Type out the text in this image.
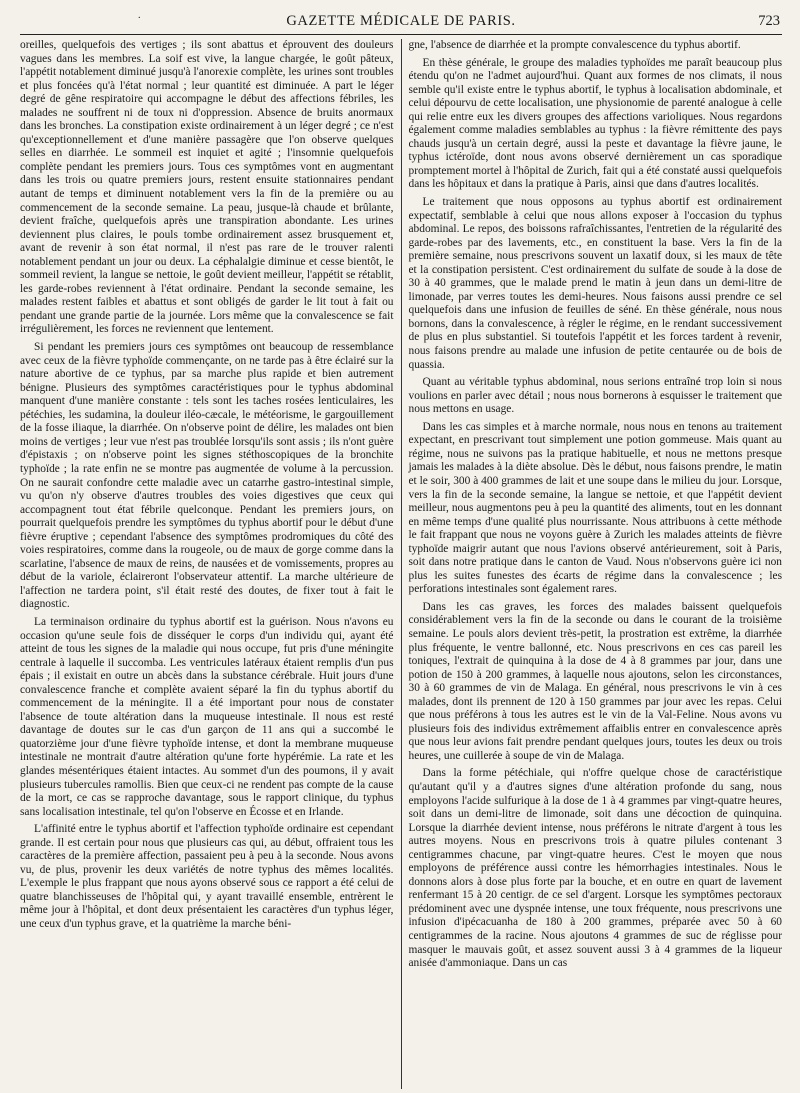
.	GAZETTE MÉDICALE DE PARIS.	723

oreilles, quelquefois des vertiges ; ils sont abattus et éprouvent des douleurs vagues dans les membres. La soif est vive, la langue chargée, le goût pâteux, l'appétit notablement diminué jusqu'à l'anorexie complète, les urines sont troubles et plus foncées qu'à l'état normal ; leur quantité est diminuée. A part le léger degré de gêne respiratoire qui accompagne le début des affections fébriles, les malades ne souffrent ni de toux ni d'oppression. Absence de bruits anormaux dans les bronches. La constipation existe ordinairement à un léger degré ; ce n'est qu'exceptionnellement et d'une manière passagère que l'on observe quelques selles en diarrhée. Le sommeil est inquiet et agité ; l'insomnie quelquefois complète pendant les premiers jours. Tous ces symptômes vont en augmentant dans les trois ou quatre premiers jours, restent ensuite stationnaires pendant autant de temps et diminuent notablement vers la fin de la première ou au commencement de la seconde semaine. La peau, jusque-là chaude et brûlante, devient fraîche, quelquefois après une transpiration abondante. Les urines deviennent plus claires, le pouls tombe ordinairement assez brusquement et, avant de revenir à son état normal, il n'est pas rare de le trouver ralenti notablement pendant un jour ou deux. La céphalalgie diminue et cesse bientôt, le sommeil revient, la langue se nettoie, le goût devient meilleur, l'appétit se rétablit, les garde-robes reviennent à l'état ordinaire. Pendant la seconde semaine, les malades restent faibles et abattus et sont obligés de garder le lit tout à fait ou pendant une grande partie de la journée. Lors même que la convalescence se fait irrégulièrement, les forces ne reviennent que lentement.

Si pendant les premiers jours ces symptômes ont beaucoup de ressemblance avec ceux de la fièvre typhoïde commençante, on ne tarde pas à être éclairé sur la nature abortive de ce typhus, par sa marche plus rapide et bien autrement bénigne. Plusieurs des symptômes caractéristiques pour le typhus abdominal manquent d'une manière constante : tels sont les taches rosées lenticulaires, les pétéchies, les sudamina, la douleur iléo-cæcale, le météorisme, le gargouillement de la fosse iliaque, la diarrhée. On n'observe point de délire, les malades ont bien moins de vertiges ; leur vue n'est pas troublée lorsqu'ils sont assis ; ils n'ont guère d'épistaxis ; on n'observe point les signes stéthoscopiques de la bronchite typhoïde ; la rate enfin ne se montre pas augmentée de volume à la percussion. On ne saurait confondre cette maladie avec un catarrhe gastro-intestinal simple, vu qu'on n'y observe d'autres troubles des voies digestives que ceux qui accompagnent tout état fébrile quelconque. Pendant les premiers jours, on pourrait quelquefois prendre les symptômes du typhus abortif pour le début d'une fièvre éruptive ; cependant l'absence des symptômes prodromiques du côté des voies respiratoires, comme dans la rougeole, ou de maux de gorge comme dans la scarlatine, l'absence de maux de reins, de nausées et de vomissements, propres au début de la variole, éclaireront l'observateur attentif. La marche ultérieure de l'affection ne tardera point, s'il était resté des doutes, de fixer tout à fait le diagnostic.

La terminaison ordinaire du typhus abortif est la guérison. Nous n'avons eu occasion qu'une seule fois de disséquer le corps d'un individu qui, ayant été atteint de tous les signes de la maladie qui nous occupe, fut pris d'une méningite centrale à laquelle il succomba. Les ventricules latéraux étaient remplis d'un pus épais ; il existait en outre un abcès dans la substance cérébrale. Huit jours d'une convalescence franche et complète avaient séparé la fin du typhus abortif du commencement de la méningite. Il a été important pour nous de constater l'absence de toute altération dans la muqueuse intestinale. Il nous est resté davantage de doutes sur le cas d'un garçon de 11 ans qui a succombé le quatorzième jour d'une fièvre typhoïde intense, et dont la membrane muqueuse intestinale ne montrait d'autre altération qu'une forte hypérémie. La rate et les glandes mésentériques étaient intactes. Au sommet d'un des poumons, il y avait plusieurs tubercules ramollis. Bien que ceux-ci ne rendent pas compte de la cause de la mort, ce cas se rapproche davantage, sous le rapport clinique, du typhus sans localisation intestinale, tel qu'on l'observe en Écosse et en Irlande.

L'affinité entre le typhus abortif et l'affection typhoïde ordinaire est cependant grande. Il est certain pour nous que plusieurs cas qui, au début, offraient tous les caractères de la première affection, passaient peu à peu à la seconde. Nous avons vu, de plus, provenir les deux variétés de notre typhus des mêmes localités. L'exemple le plus frappant que nous ayons observé sous ce rapport a été celui de quatre blanchisseuses de l'hôpital qui, y ayant travaillé ensemble, entrèrent le même jour à l'hôpital, et dont deux présentaient les caractères d'un typhus léger, une ceux d'un typhus grave, et la quatrième la marche béni-

gne, l'absence de diarrhée et la prompte convalescence du typhus abortif.

En thèse générale, le groupe des maladies typhoïdes me paraît beaucoup plus étendu qu'on ne l'admet aujourd'hui. Quant aux formes de nos climats, il nous semble qu'il existe entre le typhus abortif, le typhus à localisation abdominale, et celui dépourvu de cette localisation, une physionomie de parenté analogue à celle qui relie entre eux les divers groupes des affections varioliques. Nous regardons également comme maladies semblables au typhus : la fièvre rémittente des pays chauds jusqu'à un certain degré, aussi la peste et davantage la fièvre jaune, le typhus ictéroïde, dont nous avons observé dernièrement un cas sporadique promptement mortel à l'hôpital de Zurich, fait qui a été constaté aussi quelquefois dans les hôpitaux et dans la pratique à Paris, ainsi que dans d'autres localités.

Le traitement que nous opposons au typhus abortif est ordinairement expectatif, semblable à celui que nous allons exposer à l'occasion du typhus abdominal. Le repos, des boissons rafraîchissantes, l'entretien de la régularité des garde-robes par des lavements, etc., en constituent la base. Vers la fin de la première semaine, nous prescrivons souvent un laxatif doux, si les maux de tête et la constipation persistent. C'est ordinairement du sulfate de soude à la dose de 30 à 40 grammes, que le malade prend le matin à jeun dans un demi-litre de limonade, par verres toutes les demi-heures. Nous faisons aussi prendre ce sel quelquefois dans une infusion de feuilles de séné. En thèse générale, nous nous bornons, dans la convalescence, à régler le régime, en le rendant successivement de plus en plus substantiel. Si toutefois l'appétit et les forces tardent à revenir, nous faisons prendre au malade une infusion de petite centaurée ou de bois de quassia.

Quant au véritable typhus abdominal, nous serions entraîné trop loin si nous voulions en parler avec détail ; nous nous bornerons à esquisser le traitement que nous mettons en usage.

Dans les cas simples et à marche normale, nous nous en tenons au traitement expectant, en prescrivant tout simplement une potion gommeuse. Mais quant au régime, nous ne suivons pas la pratique habituelle, et nous ne mettons presque jamais les malades à la diète absolue. Dès le début, nous faisons prendre, le matin et le soir, 300 à 400 grammes de lait et une soupe dans le milieu du jour. Lorsque, vers la fin de la seconde semaine, la langue se nettoie, et que l'appétit devient meilleur, nous augmentons peu à peu la quantité des aliments, tout en les donnant en même temps d'une qualité plus nourrissante. Nous attribuons à cette méthode le fait frappant que nous ne voyons guère à Zurich les malades atteints de fièvre typhoïde maigrir autant que nous l'avions observé antérieurement, soit à Paris, soit dans notre pratique dans le canton de Vaud. Nous n'observons guère ici non plus les suites funestes des écarts de régime dans la convalescence ; les perforations intestinales sont également rares.

Dans les cas graves, les forces des malades baissent quelquefois considérablement vers la fin de la seconde ou dans le courant de la troisième semaine. Le pouls alors devient très-petit, la prostration est extrême, la diarrhée plus fréquente, le ventre ballonné, etc. Nous prescrivons en ces cas pareil les toniques, l'extrait de quinquina à la dose de 4 à 8 grammes par jour, dans une potion de 150 à 200 grammes, à laquelle nous ajoutons, selon les circonstances, 30 à 60 grammes de vin de Malaga. En général, nous prescrivons le vin à ces malades, dont ils prennent de 120 à 150 grammes par jour avec les repas. Celui que nous préférons à tous les autres est le vin de la Val-Feline. Nous avons vu plusieurs fois des individus extrêmement affaiblis entrer en convalescence après que nous leur avions fait prendre pendant quelques jours, toutes les deux ou trois heures, une cuillerée à soupe de vin de Malaga.

Dans la forme pétéchiale, qui n'offre quelque chose de caractéristique qu'autant qu'il y a d'autres signes d'une altération profonde du sang, nous employons l'acide sulfurique à la dose de 1 à 4 grammes par vingt-quatre heures, soit dans un demi-litre de limonade, soit dans une décoction de quinquina. Lorsque la diarrhée devient intense, nous préférons le nitrate d'argent à tous les autres moyens. Nous en prescrivons trois à quatre pilules contenant 3 centigrammes chacune, par vingt-quatre heures. C'est le moyen que nous employons de préférence aussi contre les hémorrhagies intestinales. Nous le donnons alors à dose plus forte par la bouche, et en outre en quart de lavement renfermant 15 à 20 centigr. de ce sel d'argent. Lorsque les symptômes pectoraux prédominent avec une dyspnée intense, une toux fréquente, nous prescrivons une infusion d'ipécacuanha de 180 à 200 grammes, préparée avec 50 à 60 centigrammes de la racine. Nous ajoutons 4 grammes de suc de réglisse pour masquer le mauvais goût, et assez souvent aussi 3 à 4 grammes de la liqueur anisée d'ammoniaque. Dans un cas
